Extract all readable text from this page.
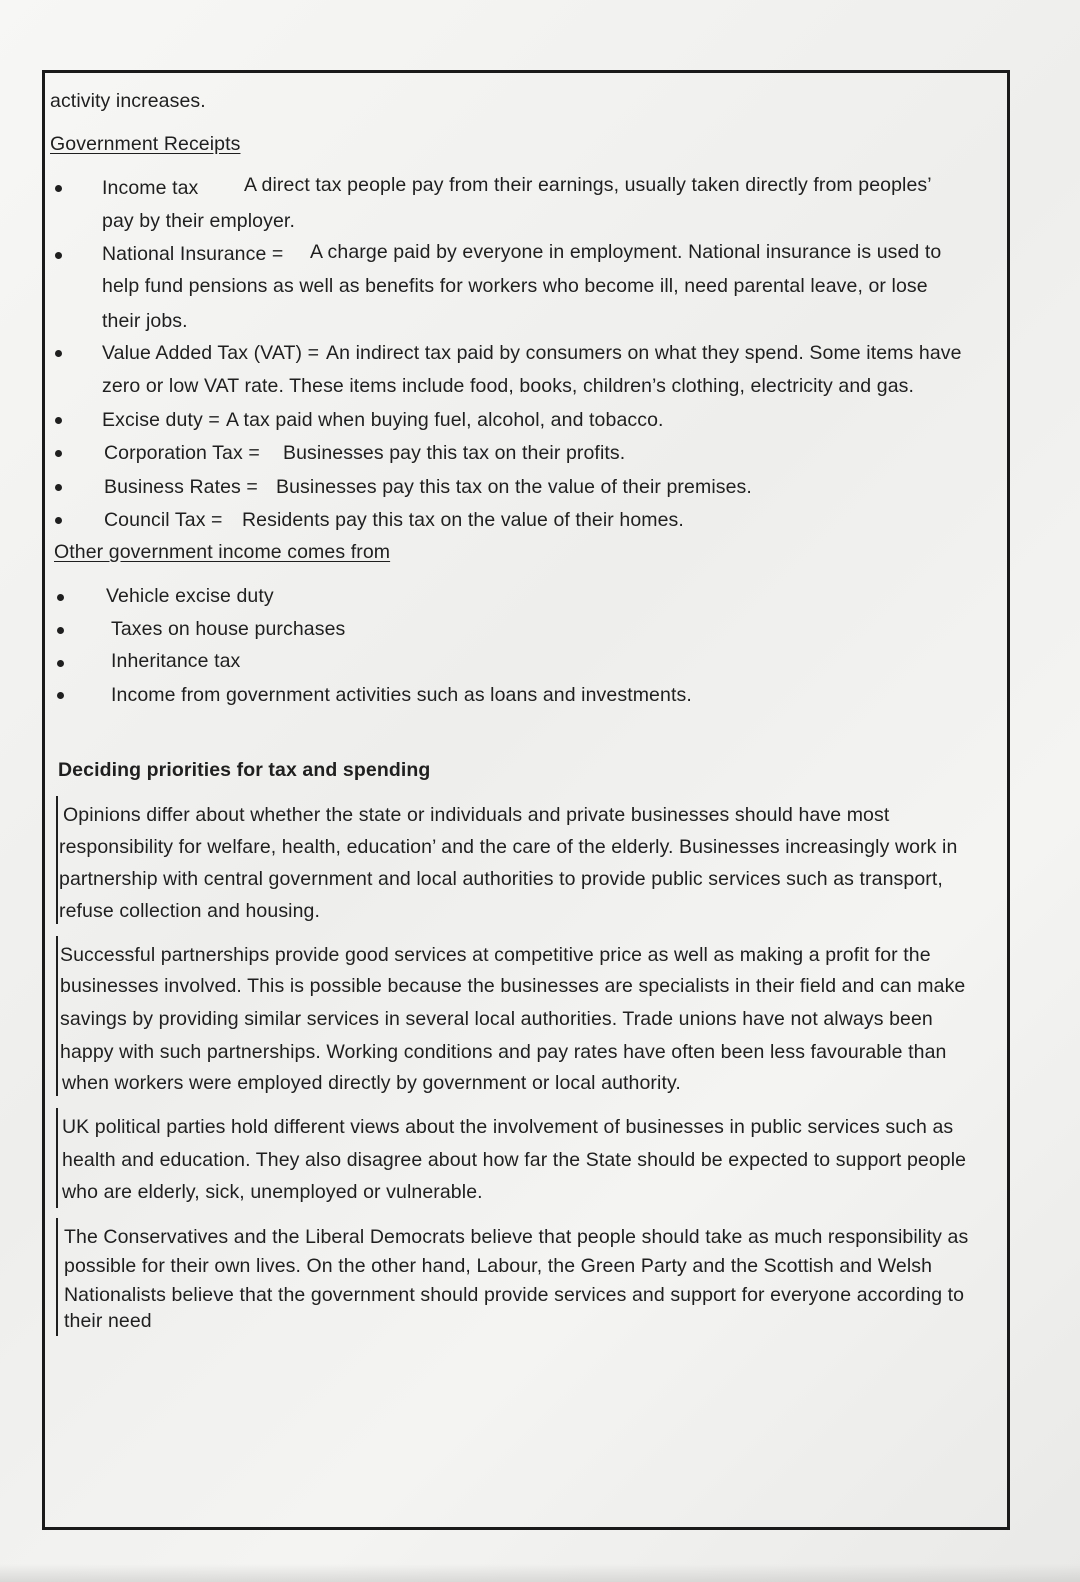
activity increases.
Government Receipts
Income tax A direct tax people pay from their earnings, usually taken directly from peoples’
pay by their employer.
National Insurance = A charge paid by everyone in employment. National insurance is used to
help fund pensions as well as benefits for workers who become ill, need parental leave, or lose
their jobs.
Value Added Tax (VAT) = An indirect tax paid by consumers on what they spend. Some items have
zero or low VAT rate. These items include food, books, children’s clothing, electricity and gas.
Excise duty = A tax paid when buying fuel, alcohol, and tobacco.
Corporation Tax = Businesses pay this tax on their profits.
Business Rates = Businesses pay this tax on the value of their premises.
Council Tax = Residents pay this tax on the value of their homes.
Other government income comes from
Vehicle excise duty
Taxes on house purchases
Inheritance tax
Income from government activities such as loans and investments.
Deciding priorities for tax and spending
Opinions differ about whether the state or individuals and private businesses should have most
responsibility for welfare, health, education’ and the care of the elderly. Businesses increasingly work in
partnership with central government and local authorities to provide public services such as transport,
refuse collection and housing.
Successful partnerships provide good services at competitive price as well as making a profit for the
businesses involved. This is possible because the businesses are specialists in their field and can make
savings by providing similar services in several local authorities. Trade unions have not always been
happy with such partnerships. Working conditions and pay rates have often been less favourable than
when workers were employed directly by government or local authority.
UK political parties hold different views about the involvement of businesses in public services such as
health and education. They also disagree about how far the State should be expected to support people
who are elderly, sick, unemployed or vulnerable.
The Conservatives and the Liberal Democrats believe that people should take as much responsibility as
possible for their own lives. On the other hand, Labour, the Green Party and the Scottish and Welsh
Nationalists believe that the government should provide services and support for everyone according to
their need
